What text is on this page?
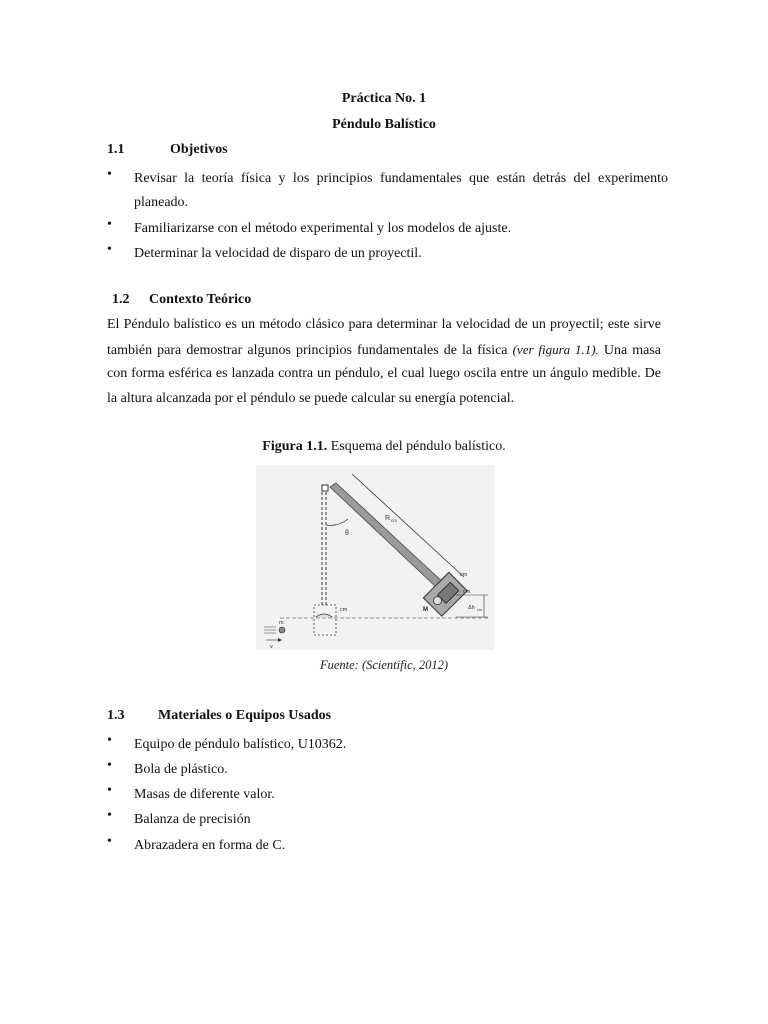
Práctica No. 1
Péndulo Balístico
1.1	Objetivos
• Revisar la teoría física y los principios fundamentales que están detrás del experimento
planeado.
• Familiarizarse con el método experimental y los modelos de ajuste.
• Determinar la velocidad de disparo de un proyectil.
1.2 Contexto Teórico
El Péndulo balístico es un método clásico para determinar la velocidad de un proyectil; este sirve
también para demostrar algunos principios fundamentales de la física (ver figura 1.1). Una masa
con forma esférica es lanzada contra un péndulo, el cual luego oscila entre un ángulo medible. De
la altura alcanzada por el péndulo se puede calcular su energía potencial.
Figura 1.1. Esquema del péndulo balístico.
R cm
θ
M
cm
cm
Δh cm
cm
m
v
Fuente: (Scientific, 2012)
1.3 Materiales o Equipos Usados
• Equipo de péndulo balístico, U10362.
• Bola de plástico.
• Masas de diferente valor.
• Balanza de precisión
• Abrazadera en forma de C.
